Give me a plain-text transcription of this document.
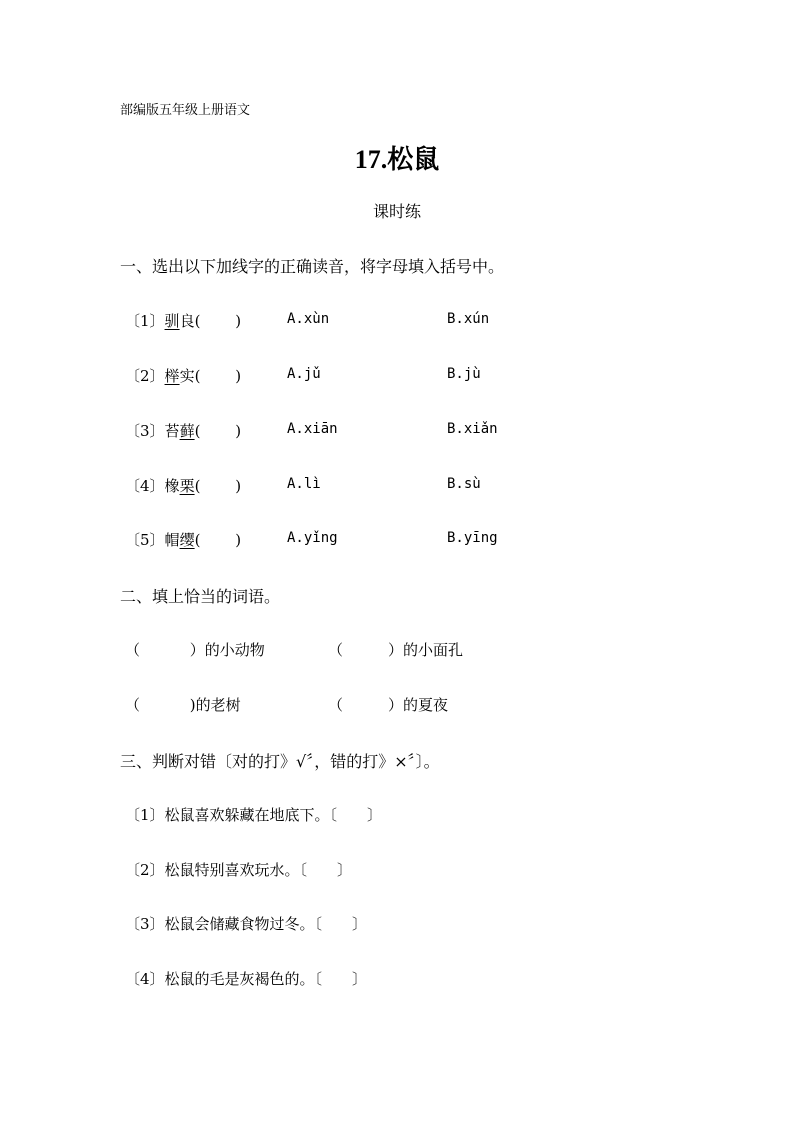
部编版五年级上册语文
17.松鼠
课时练
一、选出以下加线字的正确读音，将字母填入括号中。
〔1〕驯良(　　 )	A.xùn	B.xún
〔2〕榉实(　　 )	A.jǔ	B.jù
〔3〕苔藓(　　 )	A.xiān	B.xiǎn
〔4〕橡栗(　　 )	A.lì	B.sù
〔5〕帽缨(　　 )	A.yǐng	B.yīng
二、填上恰当的词语。
（　　　 ）的小动物	（　　　）的小面孔
（　　　 )的老树	（　　　）的夏夜
三、判断对错〔对的打》√〞，错的打》×〞〕。
〔1〕松鼠喜欢躲藏在地底下。〔　　〕
〔2〕松鼠特别喜欢玩水。〔　　〕
〔3〕松鼠会储藏食物过冬。〔　　〕
〔4〕松鼠的毛是灰褐色的。〔　　〕
